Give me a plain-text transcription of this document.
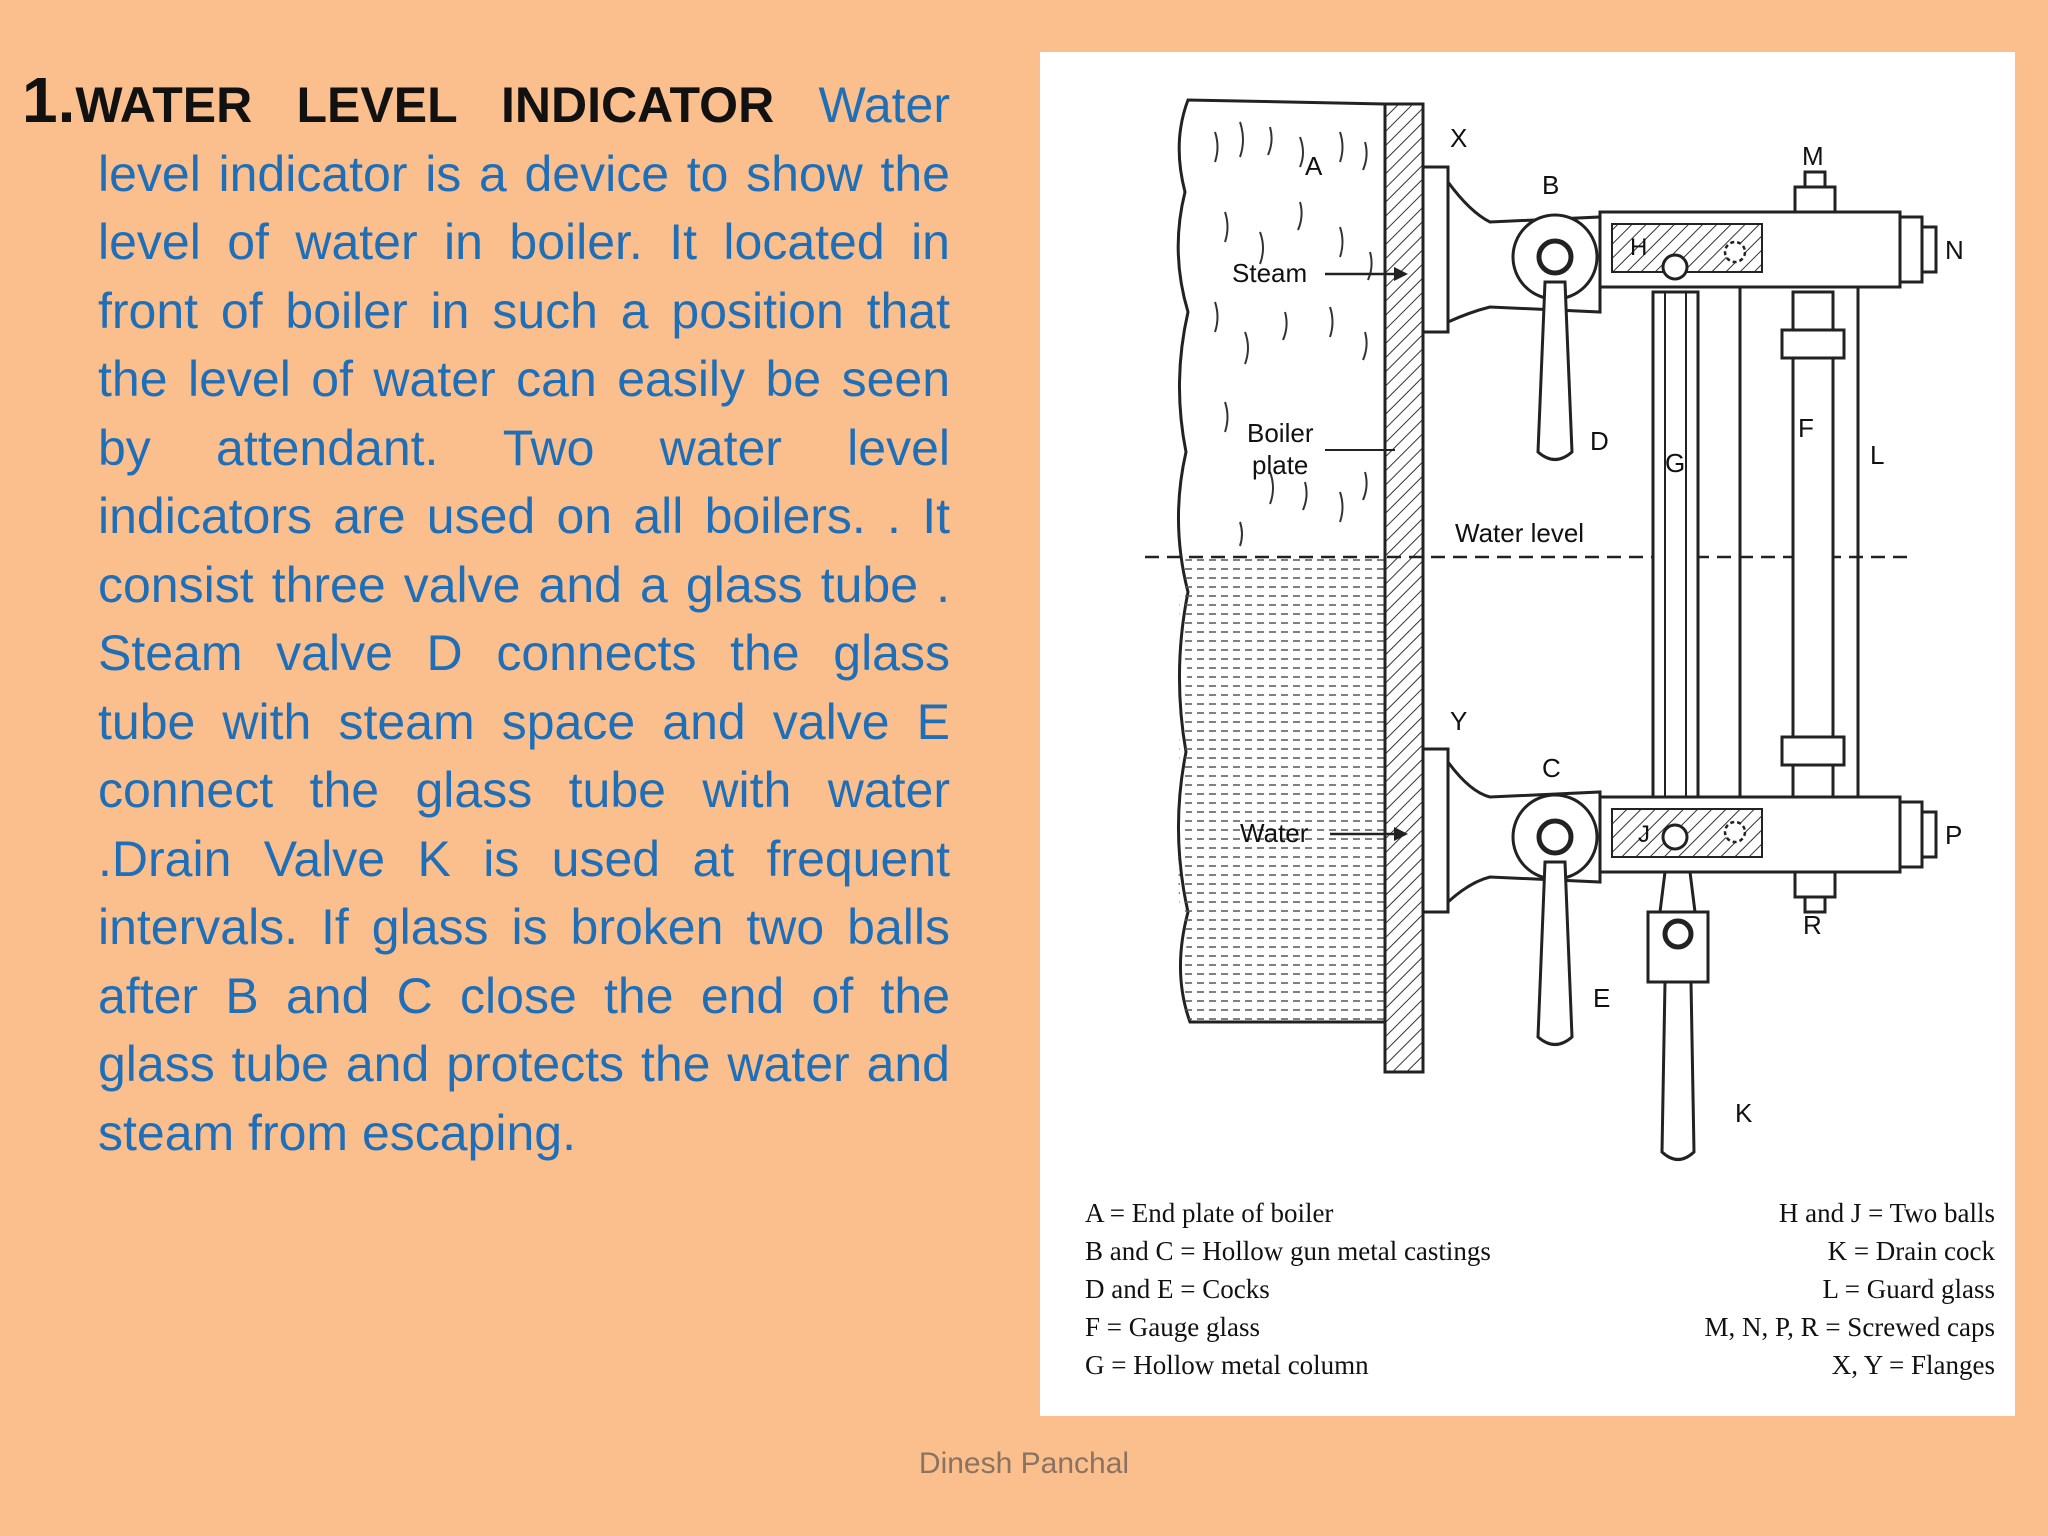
1.WATER LEVEL INDICATOR Water level indicator is a device to show the level of water in boiler. It located in front of boiler in such a position that the level of water can easily be seen by attendant. Two water level indicators are used on all boilers. . It consist three valve and a glass tube . Steam valve D connects the glass tube with steam space and valve E connect the glass tube with water .Drain Valve K is used at frequent intervals. If glass is broken two balls after B and C close the end of the glass tube and protects the water and steam from escaping.
A
X
B
M
N
H
Steam
Boiler
plate
D
G
F
L
Water level
Y
C
Water	J	P
R
E
K
A = End plate of boiler
B and C = Hollow gun metal castings
D and E = Cocks
F = Gauge glass
G = Hollow metal column
H and J = Two balls
K = Drain cock
L = Guard glass
M, N, P, R = Screwed caps
X, Y = Flanges
Dinesh Panchal
